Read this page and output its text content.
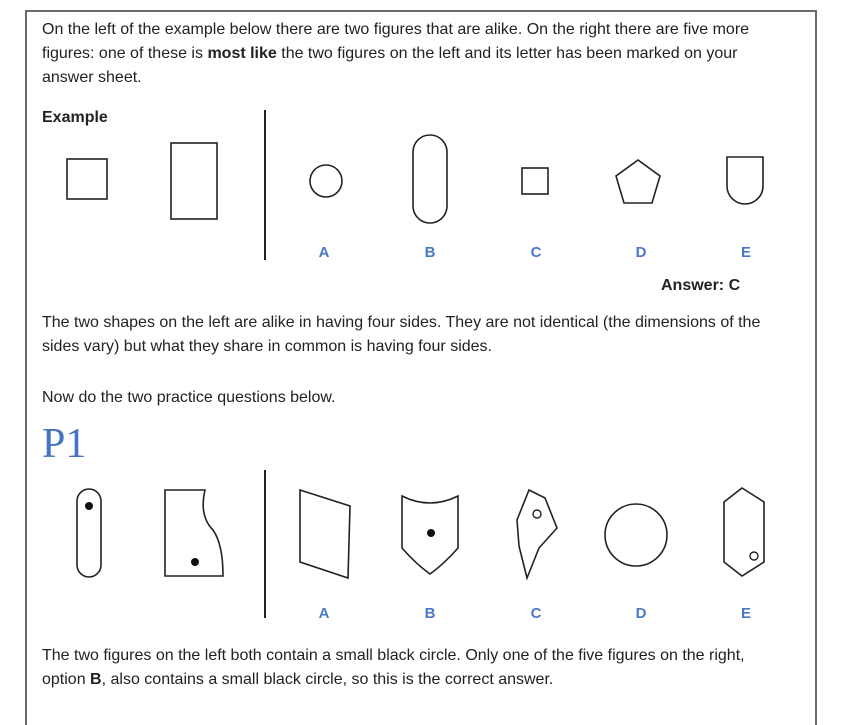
On the left of the example below there are two figures that are alike. On the right there are five more figures: one of these is most like the two figures on the left and its letter has been marked on your answer sheet.
Example
A	B	C	D	E
Answer: C
The two shapes on the left are alike in having four sides. They are not identical (the dimensions of the sides vary) but what they share in common is having four sides.
Now do the two practice questions below.
P1
A	B	C	D	E
The two figures on the left both contain a small black circle. Only one of the five figures on the right, option B, also contains a small black circle, so this is the correct answer.
